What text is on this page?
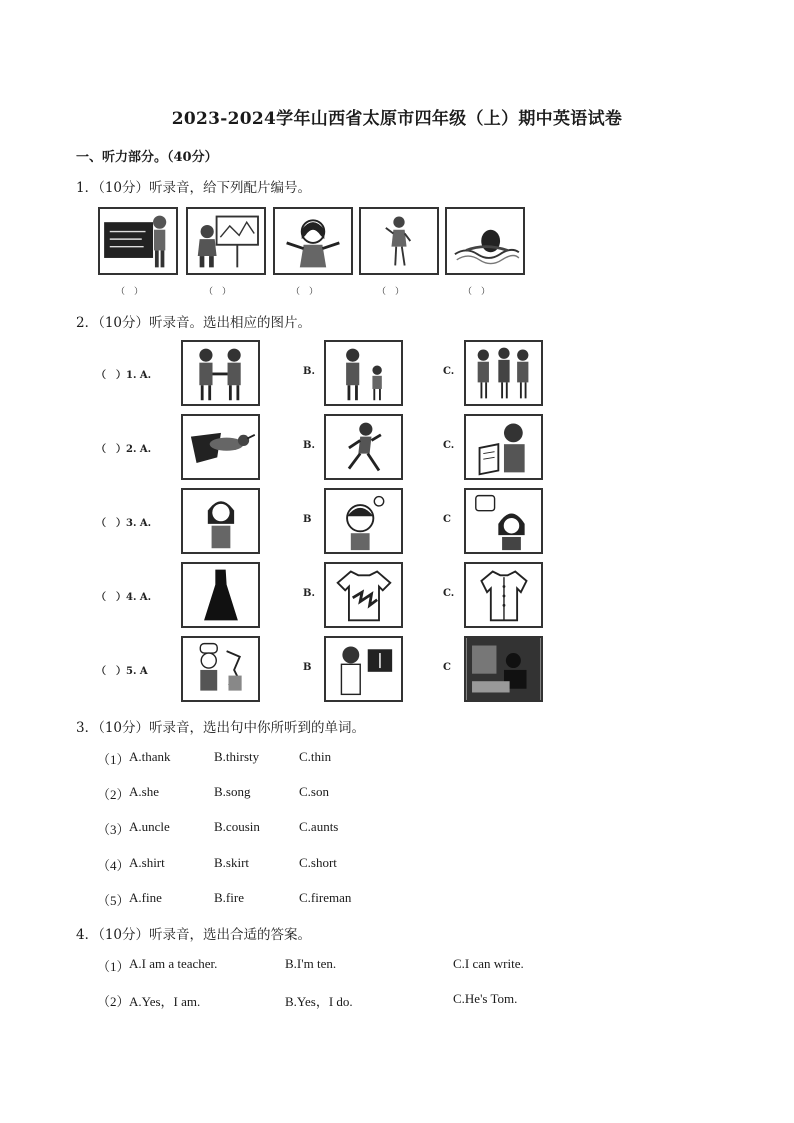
2023-2024学年山西省太原市四年级（上）期中英语试卷
一、听力部分。（40分）
1．（10分）听录音，给下列配片编号。
（　）	（　）	（　）	（　）	（　）
2．（10分）听录音。选出相应的图片。
（　）1. A.	B.	C.
（　）2. A.	B.	C.
（　）3. A.	B	C
（　）4. A.	B.	C.
（　）5. A	B	C
3．（10分）听录音，选出句中你所听到的单词。
（1） A.thank	B.thirsty	C.thin
（2） A.she	B.song	C.son
（3） A.uncle	B.cousin	C.aunts
（4） A.shirt	B.skirt	C.short
（5） A.fine	B.fire	C.fireman
4．（10分）听录音，选出合适的答案。
（1） A.I am a teacher.	B.I'm ten.	C.I can write.
（2） A.Yes，I am.	B.Yes，I do.	C.He's Tom.
